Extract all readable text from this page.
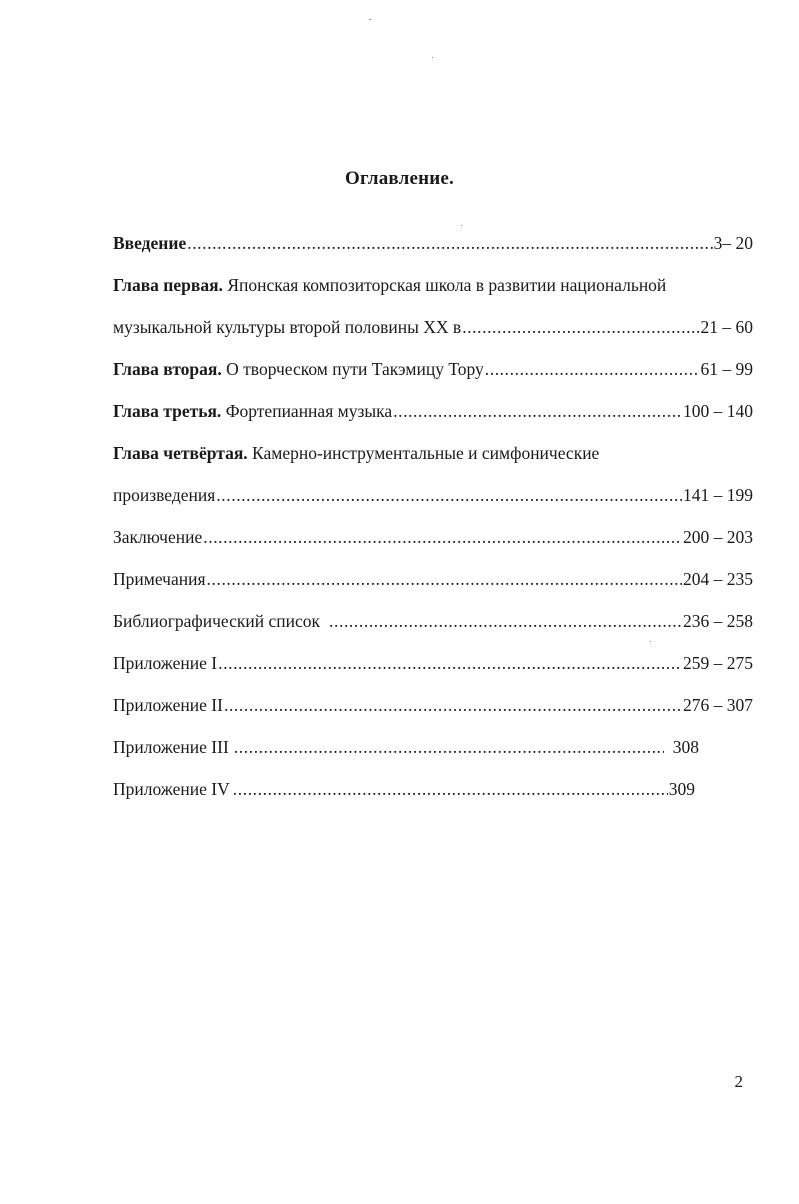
Оглавление.
Введение .....	3– 20
Глава первая. Японская композиторская школа в развитии национальной
музыкальной культуры второй половины XX в .....	21 – 60
Глава вторая. О творческом пути Такэмицу Тору .....	61 – 99
Глава третья. Фортепианная музыка .....	100 – 140
Глава четвёртая. Камерно-инструментальные и симфонические
произведения .....	141 – 199
Заключение .....	200 – 203
Примечания .....	204 – 235
Библиографический список .....	236 – 258
Приложение I .....	259 – 275
Приложение II .....	276 – 307
Приложение III .....	308
Приложение IV .....	309
2
